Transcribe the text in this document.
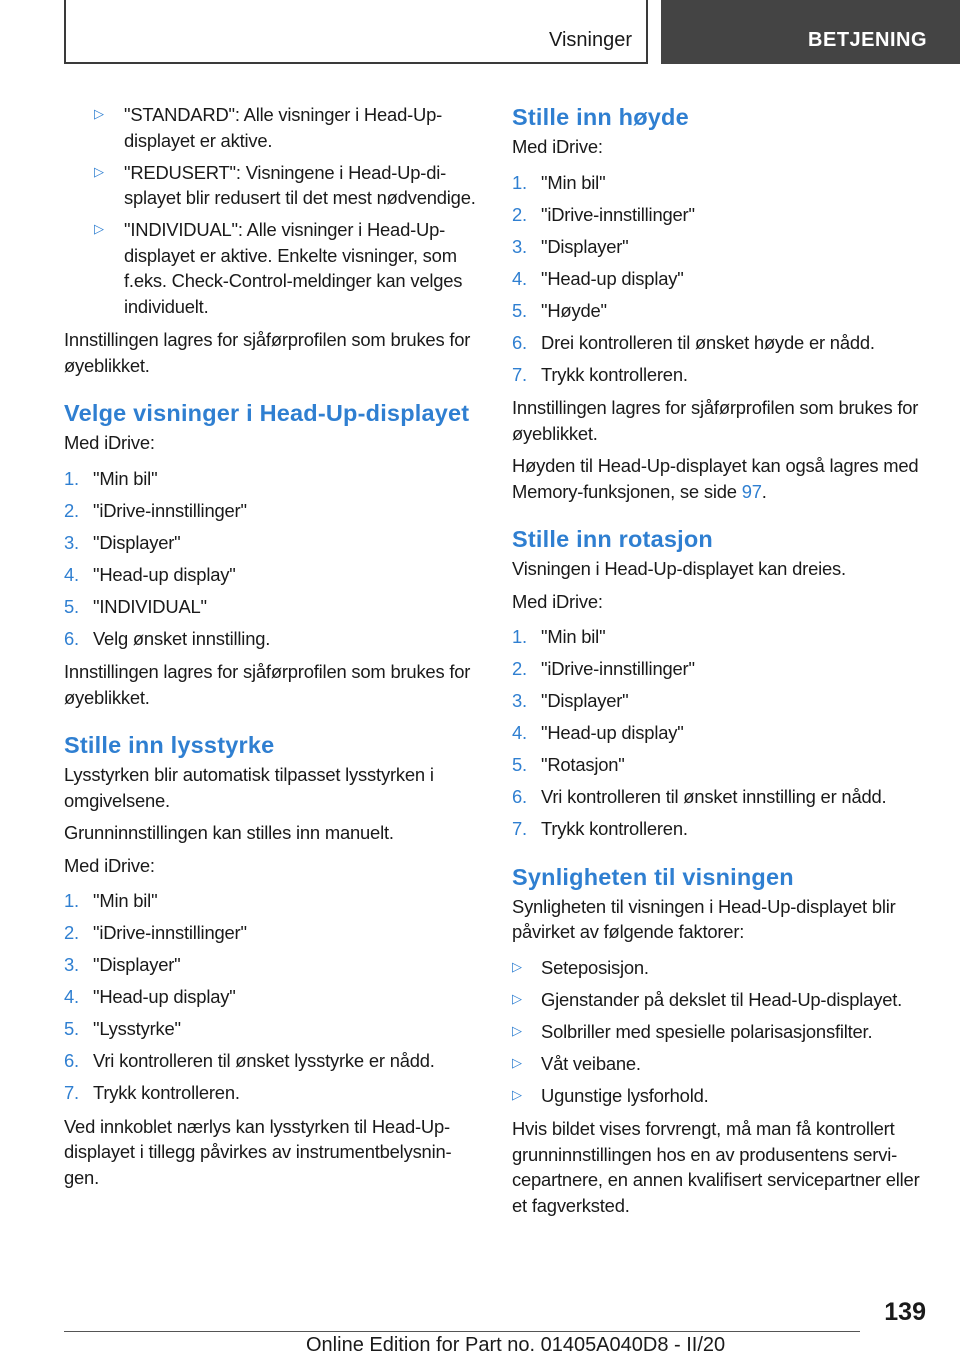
Visninger	BETJENING
▷ "STANDARD": Alle visninger i Head-Up-displayet er aktive.
▷ "REDUSERT": Visningene i Head-Up-displayet blir redusert til det mest nødvendige.
▷ "INDIVIDUAL": Alle visninger i Head-Up-displayet er aktive. Enkelte visninger, som f.eks. Check-Control-meldinger kan velges individuelt.

Innstillingen lagres for sjåførprofilen som brukes for øyeblikket.

Velge visninger i Head-Up-displayet

Med iDrive:

1. "Min bil"
2. "iDrive-innstillinger"
3. "Displayer"
4. "Head-up display"
5. "INDIVIDUAL"
6. Velg ønsket innstilling.

Innstillingen lagres for sjåførprofilen som brukes for øyeblikket.

Stille inn lysstyrke

Lysstyrken blir automatisk tilpasset lysstyrken i omgivelsene.

Grunninnstillingen kan stilles inn manuelt.

Med iDrive:

1. "Min bil"
2. "iDrive-innstillinger"
3. "Displayer"
4. "Head-up display"
5. "Lysstyrke"
6. Vri kontrolleren til ønsket lysstyrke er nådd.
7. Trykk kontrolleren.

Ved innkoblet nærlys kan lysstyrken til Head-Up-displayet i tillegg påvirkes av instrumentbelysningen.

Stille inn høyde

Med iDrive:

1. "Min bil"
2. "iDrive-innstillinger"
3. "Displayer"
4. "Head-up display"
5. "Høyde"
6. Drei kontrolleren til ønsket høyde er nådd.
7. Trykk kontrolleren.

Innstillingen lagres for sjåførprofilen som brukes for øyeblikket.

Høyden til Head-Up-displayet kan også lagres med Memory-funksjonen, se side 97.

Stille inn rotasjon

Visningen i Head-Up-displayet kan dreies.

Med iDrive:

1. "Min bil"
2. "iDrive-innstillinger"
3. "Displayer"
4. "Head-up display"
5. "Rotasjon"
6. Vri kontrolleren til ønsket innstilling er nådd.
7. Trykk kontrolleren.
Synligheten til visningen

Synligheten til visningen i Head-Up-displayet blir påvirket av følgende faktorer:

▷ Seteposisjon.
▷ Gjenstander på dekslet til Head-Up-displayet.
▷ Solbriller med spesielle polarisasjonsfilter.
▷ Våt veibane.
▷ Ugunstige lysforhold.

Hvis bildet vises forvrengt, må man få kontrollert grunninnstillingen hos en av produsentens servicepartnere, en annen kvalifisert servicepartner eller et fagverksted.

139
Online Edition for Part no. 01405A040D8 - II/20
